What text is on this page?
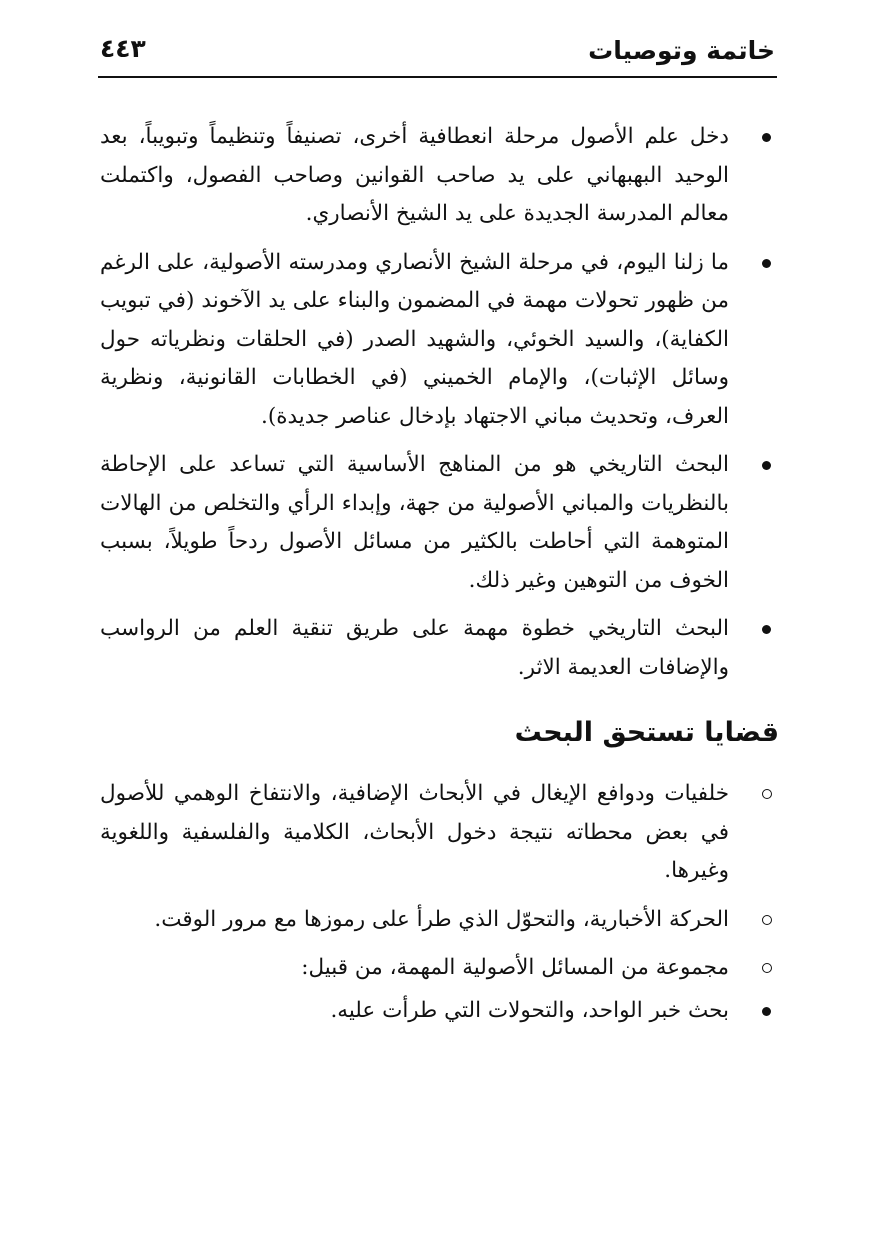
٤٤٣	خاتمة وتوصيات
دخل علم الأصول مرحلة انعطافية أخرى، تصنيفاً وتنظيماً وتبويباً، بعد الوحيد البهبهاني على يد صاحب القوانين وصاحب الفصول، واكتملت معالم المدرسة الجديدة على يد الشيخ الأنصاري.
ما زلنا اليوم، في مرحلة الشيخ الأنصاري ومدرسته الأصولية، على الرغم من ظهور تحولات مهمة في المضمون والبناء على يد الآخوند (في تبويب الكفاية)، والسيد الخوئي، والشهيد الصدر (في الحلقات ونظرياته حول وسائل الإثبات)، والإمام الخميني (في الخطابات القانونية، ونظرية العرف، وتحديث مباني الاجتهاد بإدخال عناصر جديدة).
البحث التاريخي هو من المناهج الأساسية التي تساعد على الإحاطة بالنظريات والمباني الأصولية من جهة، وإبداء الرأي والتخلص من الهالات المتوهمة التي أحاطت بالكثير من مسائل الأصول ردحاً طويلاً، بسبب الخوف من التوهين وغير ذلك.
البحث التاريخي خطوة مهمة على طريق تنقية العلم من الرواسب والإضافات العديمة الاثر.
قضايا تستحق البحث
خلفيات ودوافع الإيغال في الأبحاث الإضافية، والانتفاخ الوهمي للأصول في بعض محطاته نتيجة دخول الأبحاث، الكلامية والفلسفية واللغوية وغيرها.
الحركة الأخبارية، والتحوّل الذي طرأ على رموزها مع مرور الوقت.
مجموعة من المسائل الأصولية المهمة، من قبيل:
بحث خبر الواحد، والتحولات التي طرأت عليه.
